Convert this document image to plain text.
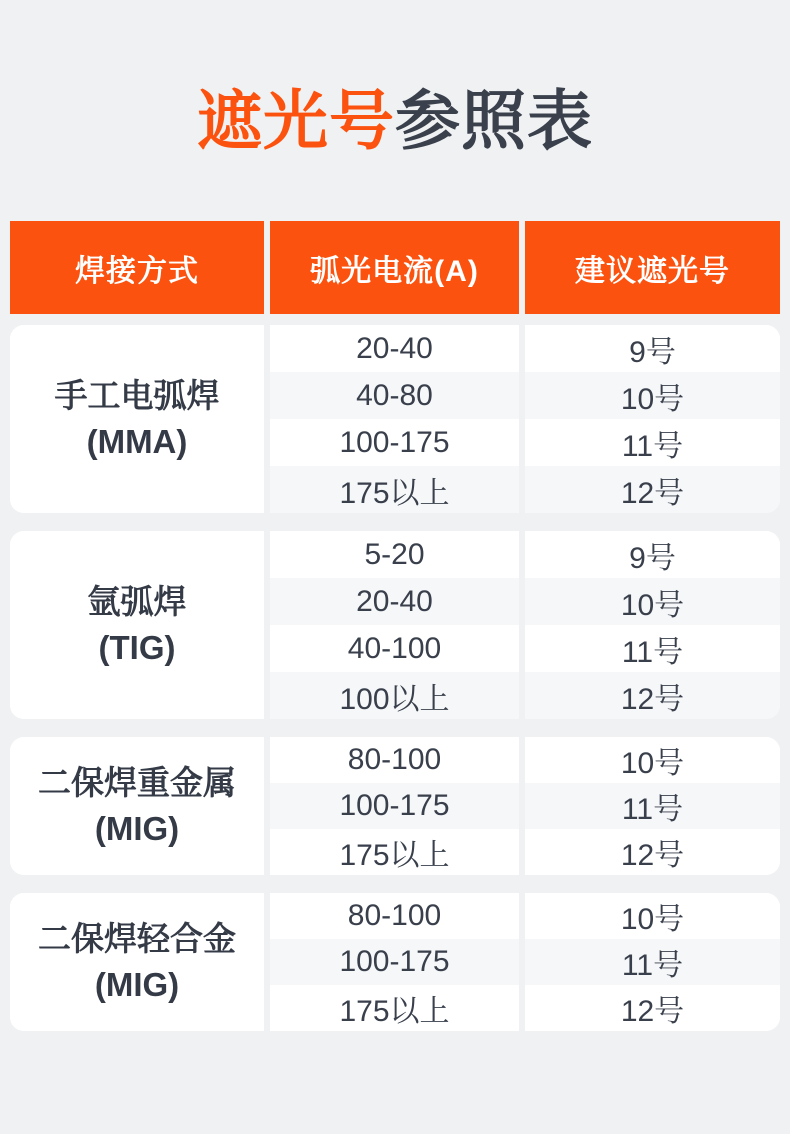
遮光号参照表
焊接方式	弧光电流(A)	建议遮光号
手工电弧焊
(MMA)
20-40	9号
40-80	10号
100-175	11号
175以上	12号
氩弧焊
(TIG)
5-20	9号
20-40	10号
40-100	11号
100以上	12号
二保焊重金属
(MIG)
80-100	10号
100-175	11号
175以上	12号
二保焊轻合金
(MIG)
80-100	10号
100-175	11号
175以上	12号
